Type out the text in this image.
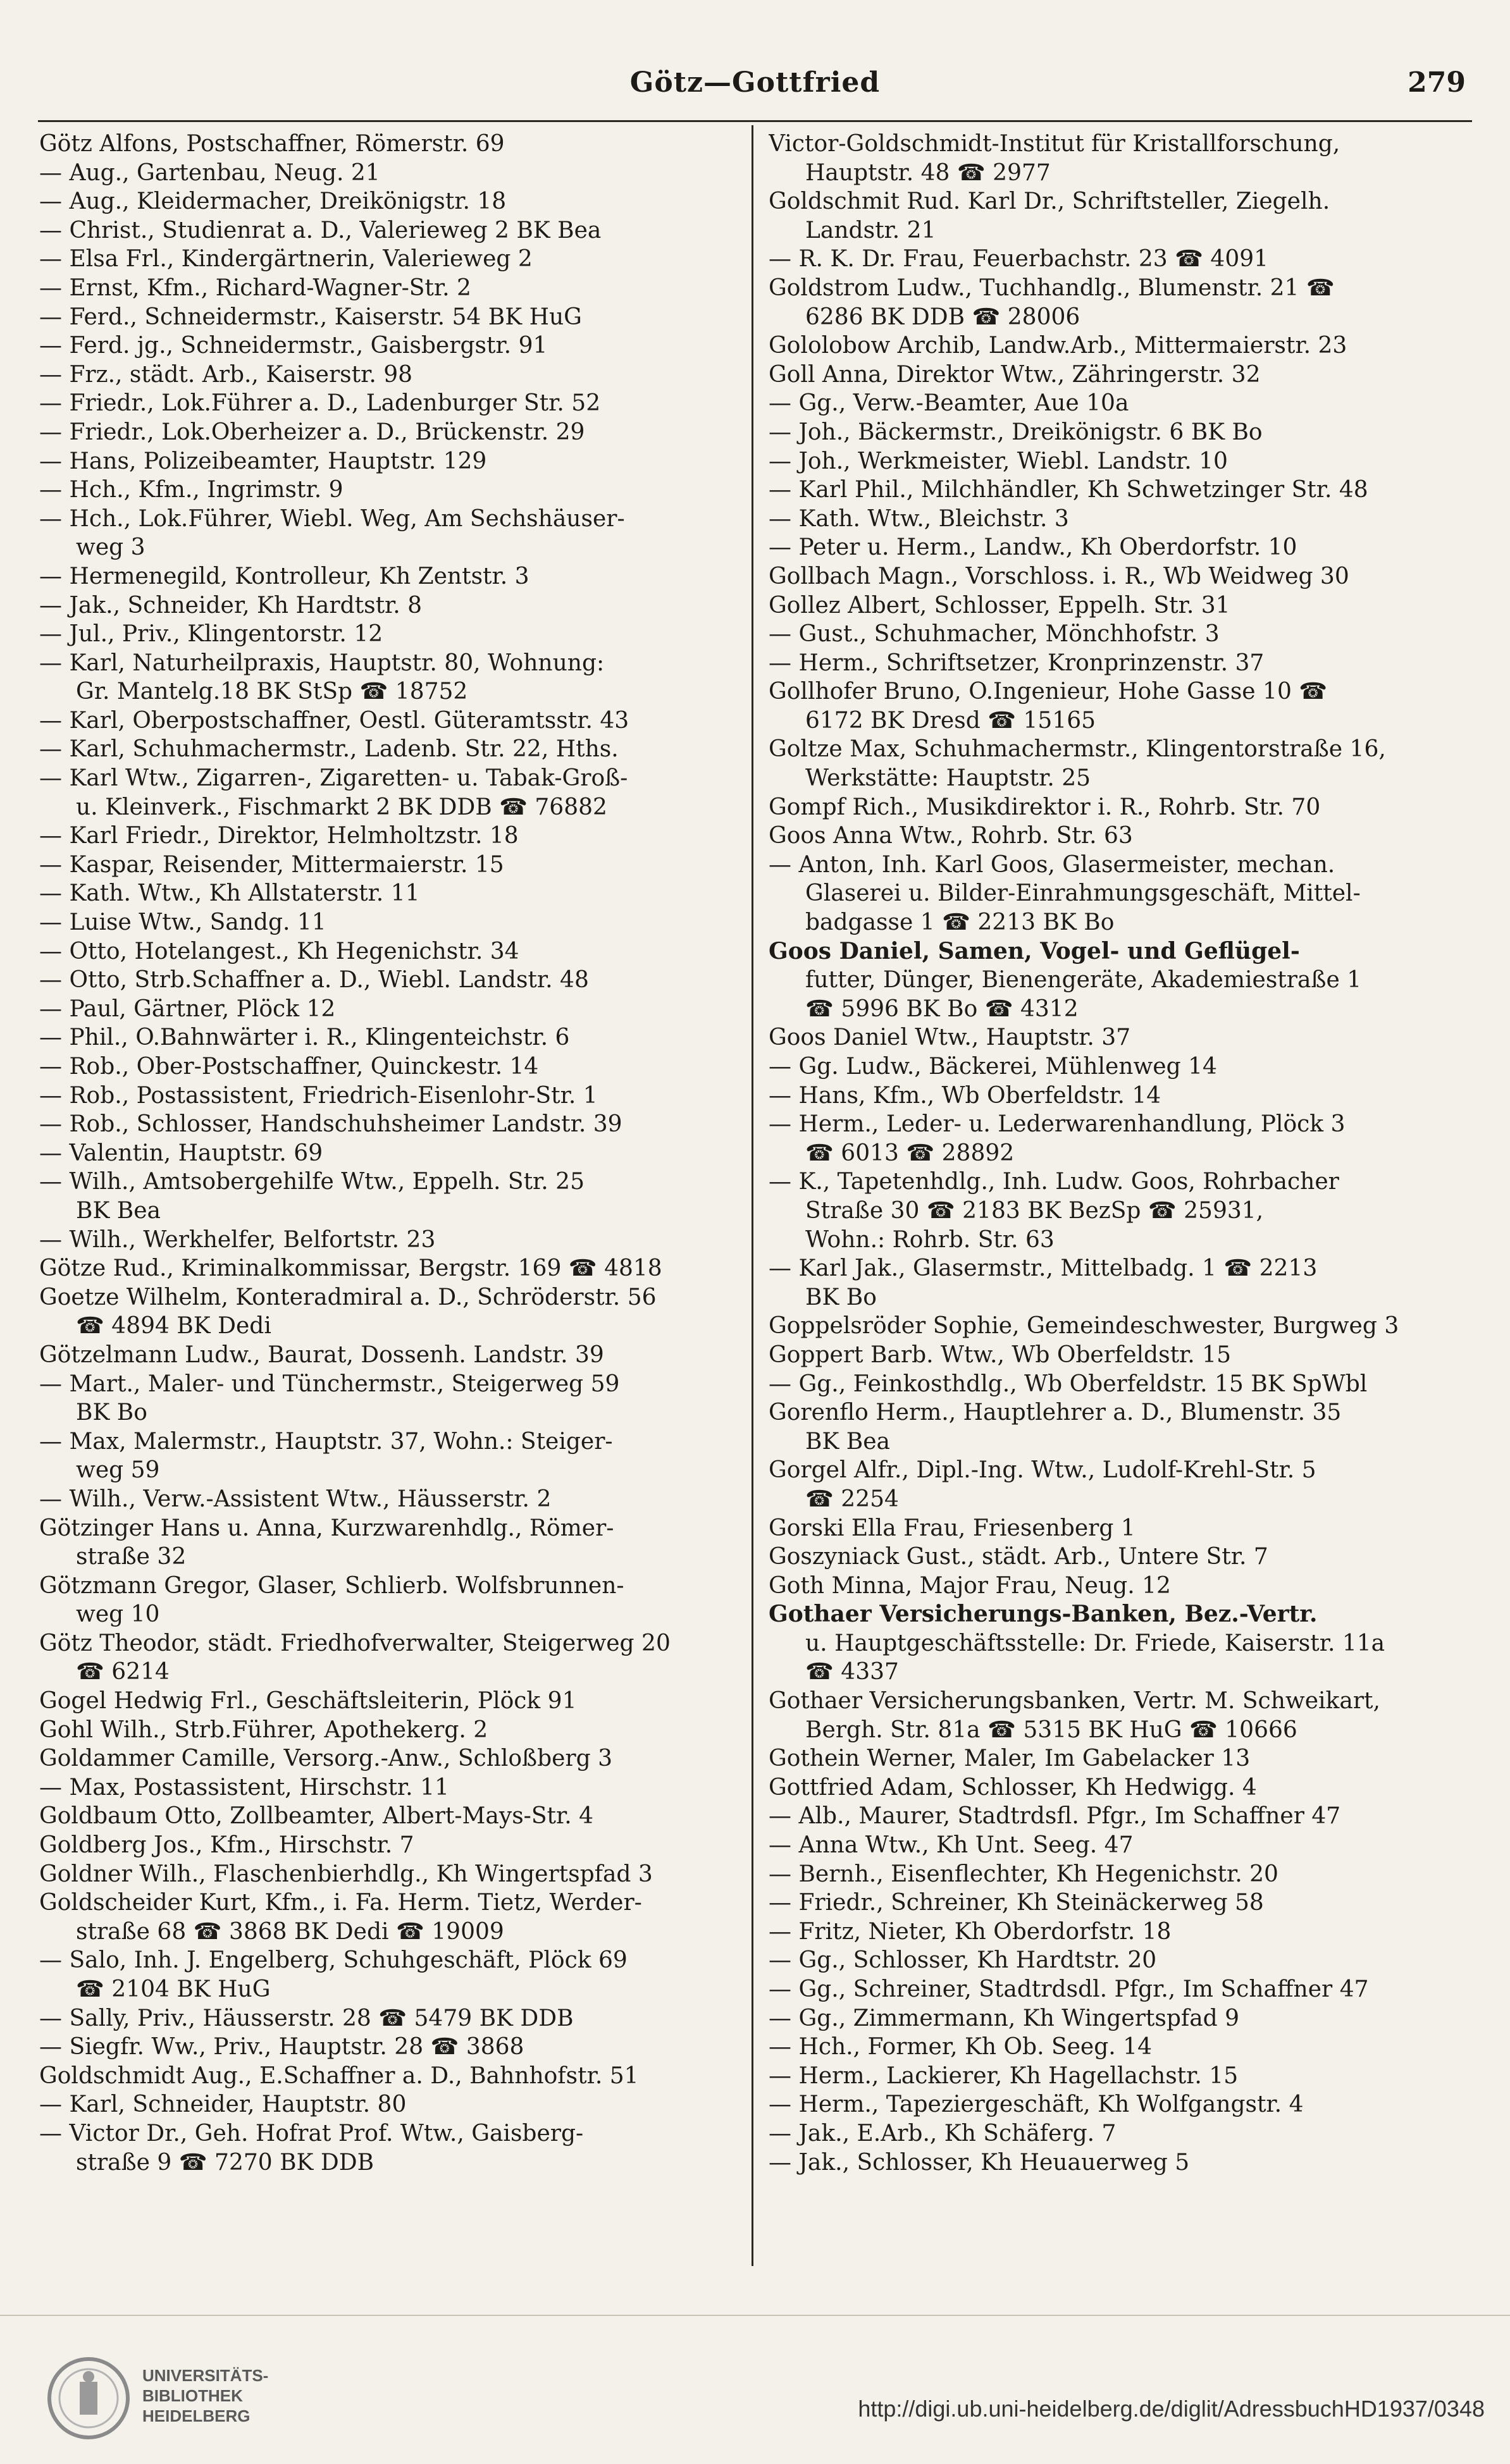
Götz—Gottfried	279
Götz Alfons, Postschaffner, Römerstr. 69
— Aug., Gartenbau, Neug. 21
— Aug., Kleidermacher, Dreikönigstr. 18
— Christ., Studienrat a. D., Valerieweg 2 BK Bea
— Elsa Frl., Kindergärtnerin, Valerieweg 2
— Ernst, Kfm., Richard-Wagner-Str. 2
— Ferd., Schneidermstr., Kaiserstr. 54 BK HuG
— Ferd. jg., Schneidermstr., Gaisbergstr. 91
— Frz., städt. Arb., Kaiserstr. 98
— Friedr., Lok.Führer a. D., Ladenburger Str. 52
— Friedr., Lok.Oberheizer a. D., Brückenstr. 29
— Hans, Polizeibeamter, Hauptstr. 129
— Hch., Kfm., Ingrimstr. 9
— Hch., Lok.Führer, Wiebl. Weg, Am Sechshäuser-
weg 3
— Hermenegild, Kontrolleur, Kh Zentstr. 3
— Jak., Schneider, Kh Hardtstr. 8
— Jul., Priv., Klingentorstr. 12
— Karl, Naturheilpraxis, Hauptstr. 80, Wohnung:
Gr. Mantelg.18 BK StSp ☎ 18752
— Karl, Oberpostschaffner, Oestl. Güteramtsstr. 43
— Karl, Schuhmachermstr., Ladenb. Str. 22, Hths.
— Karl Wtw., Zigarren-, Zigaretten- u. Tabak-Groß-
u. Kleinverk., Fischmarkt 2 BK DDB ☎ 76882
— Karl Friedr., Direktor, Helmholtzstr. 18
— Kaspar, Reisender, Mittermaierstr. 15
— Kath. Wtw., Kh Allstaterstr. 11
— Luise Wtw., Sandg. 11
— Otto, Hotelangest., Kh Hegenichstr. 34
— Otto, Strb.Schaffner a. D., Wiebl. Landstr. 48
— Paul, Gärtner, Plöck 12
— Phil., O.Bahnwärter i. R., Klingenteichstr. 6
— Rob., Ober-Postschaffner, Quinckestr. 14
— Rob., Postassistent, Friedrich-Eisenlohr-Str. 1
— Rob., Schlosser, Handschuhsheimer Landstr. 39
— Valentin, Hauptstr. 69
— Wilh., Amtsobergehilfe Wtw., Eppelh. Str. 25
BK Bea
— Wilh., Werkhelfer, Belfortstr. 23
Götze Rud., Kriminalkommissar, Bergstr. 169 ☎ 4818
Goetze Wilhelm, Konteradmiral a. D., Schröderstr. 56
☎ 4894 BK Dedi
Götzelmann Ludw., Baurat, Dossenh. Landstr. 39
— Mart., Maler- und Tünchermstr., Steigerweg 59
BK Bo
— Max, Malermstr., Hauptstr. 37, Wohn.: Steiger-
weg 59
— Wilh., Verw.-Assistent Wtw., Häusserstr. 2
Götzinger Hans u. Anna, Kurzwarenhdlg., Römer-
straße 32
Götzmann Gregor, Glaser, Schlierb. Wolfsbrunnen-
weg 10
Götz Theodor, städt. Friedhofverwalter, Steigerweg 20
☎ 6214
Gogel Hedwig Frl., Geschäftsleiterin, Plöck 91
Gohl Wilh., Strb.Führer, Apothekerg. 2
Goldammer Camille, Versorg.-Anw., Schloßberg 3
— Max, Postassistent, Hirschstr. 11
Goldbaum Otto, Zollbeamter, Albert-Mays-Str. 4
Goldberg Jos., Kfm., Hirschstr. 7
Goldner Wilh., Flaschenbierhdlg., Kh Wingertspfad 3
Goldscheider Kurt, Kfm., i. Fa. Herm. Tietz, Werder-
straße 68 ☎ 3868 BK Dedi ☎ 19009
— Salo, Inh. J. Engelberg, Schuhgeschäft, Plöck 69
☎ 2104 BK HuG
— Sally, Priv., Häusserstr. 28 ☎ 5479 BK DDB
— Siegfr. Ww., Priv., Hauptstr. 28 ☎ 3868
Goldschmidt Aug., E.Schaffner a. D., Bahnhofstr. 51
— Karl, Schneider, Hauptstr. 80
— Victor Dr., Geh. Hofrat Prof. Wtw., Gaisberg-
straße 9 ☎ 7270 BK DDB
Victor-Goldschmidt-Institut für Kristallforschung,
Hauptstr. 48 ☎ 2977
Goldschmit Rud. Karl Dr., Schriftsteller, Ziegelh.
Landstr. 21
— R. K. Dr. Frau, Feuerbachstr. 23 ☎ 4091
Goldstrom Ludw., Tuchhandlg., Blumenstr. 21 ☎
6286 BK DDB ☎ 28006
Gololobow Archib, Landw.Arb., Mittermaierstr. 23
Goll Anna, Direktor Wtw., Zähringerstr. 32
— Gg., Verw.-Beamter, Aue 10a
— Joh., Bäckermstr., Dreikönigstr. 6 BK Bo
— Joh., Werkmeister, Wiebl. Landstr. 10
— Karl Phil., Milchhändler, Kh Schwetzinger Str. 48
— Kath. Wtw., Bleichstr. 3
— Peter u. Herm., Landw., Kh Oberdorfstr. 10
Gollbach Magn., Vorschloss. i. R., Wb Weidweg 30
Gollez Albert, Schlosser, Eppelh. Str. 31
— Gust., Schuhmacher, Mönchhofstr. 3
— Herm., Schriftsetzer, Kronprinzenstr. 37
Gollhofer Bruno, O.Ingenieur, Hohe Gasse 10 ☎
6172 BK Dresd ☎ 15165
Goltze Max, Schuhmachermstr., Klingentorstraße 16,
Werkstätte: Hauptstr. 25
Gompf Rich., Musikdirektor i. R., Rohrb. Str. 70
Goos Anna Wtw., Rohrb. Str. 63
— Anton, Inh. Karl Goos, Glasermeister, mechan.
Glaserei u. Bilder-Einrahmungsgeschäft, Mittel-
badgasse 1 ☎ 2213 BK Bo
Goos Daniel, Samen, Vogel- und Geflügel-
futter, Dünger, Bienengeräte, Akademiestraße 1
☎ 5996 BK Bo ☎ 4312
Goos Daniel Wtw., Hauptstr. 37
— Gg. Ludw., Bäckerei, Mühlenweg 14
— Hans, Kfm., Wb Oberfeldstr. 14
— Herm., Leder- u. Lederwarenhandlung, Plöck 3
☎ 6013 ☎ 28892
— K., Tapetenhdlg., Inh. Ludw. Goos, Rohrbacher
Straße 30 ☎ 2183 BK BezSp ☎ 25931,
Wohn.: Rohrb. Str. 63
— Karl Jak., Glasermstr., Mittelbadg. 1 ☎ 2213
BK Bo
Goppelsröder Sophie, Gemeindeschwester, Burgweg 3
Goppert Barb. Wtw., Wb Oberfeldstr. 15
— Gg., Feinkosthdlg., Wb Oberfeldstr. 15 BK SpWbl
Gorenflo Herm., Hauptlehrer a. D., Blumenstr. 35
BK Bea
Gorgel Alfr., Dipl.-Ing. Wtw., Ludolf-Krehl-Str. 5
☎ 2254
Gorski Ella Frau, Friesenberg 1
Goszyniack Gust., städt. Arb., Untere Str. 7
Goth Minna, Major Frau, Neug. 12
Gothaer Versicherungs-Banken, Bez.-Vertr.
u. Hauptgeschäftsstelle: Dr. Friede, Kaiserstr. 11a
☎ 4337
Gothaer Versicherungsbanken, Vertr. M. Schweikart,
Bergh. Str. 81a ☎ 5315 BK HuG ☎ 10666
Gothein Werner, Maler, Im Gabelacker 13
Gottfried Adam, Schlosser, Kh Hedwigg. 4
— Alb., Maurer, Stadtrdsfl. Pfgr., Im Schaffner 47
— Anna Wtw., Kh Unt. Seeg. 47
— Bernh., Eisenflechter, Kh Hegenichstr. 20
— Friedr., Schreiner, Kh Steinäckerweg 58
— Fritz, Nieter, Kh Oberdorfstr. 18
— Gg., Schlosser, Kh Hardtstr. 20
— Gg., Schreiner, Stadtrdsdl. Pfgr., Im Schaffner 47
— Gg., Zimmermann, Kh Wingertspfad 9
— Hch., Former, Kh Ob. Seeg. 14
— Herm., Lackierer, Kh Hagellachstr. 15
— Herm., Tapeziergeschäft, Kh Wolfgangstr. 4
— Jak., E.Arb., Kh Schäferg. 7
— Jak., Schlosser, Kh Heuauerweg 5
UNIVERSITÄTS-
BIBLIOTHEK
HEIDELBERG	http://digi.ub.uni-heidelberg.de/diglit/AdressbuchHD1937/0348
